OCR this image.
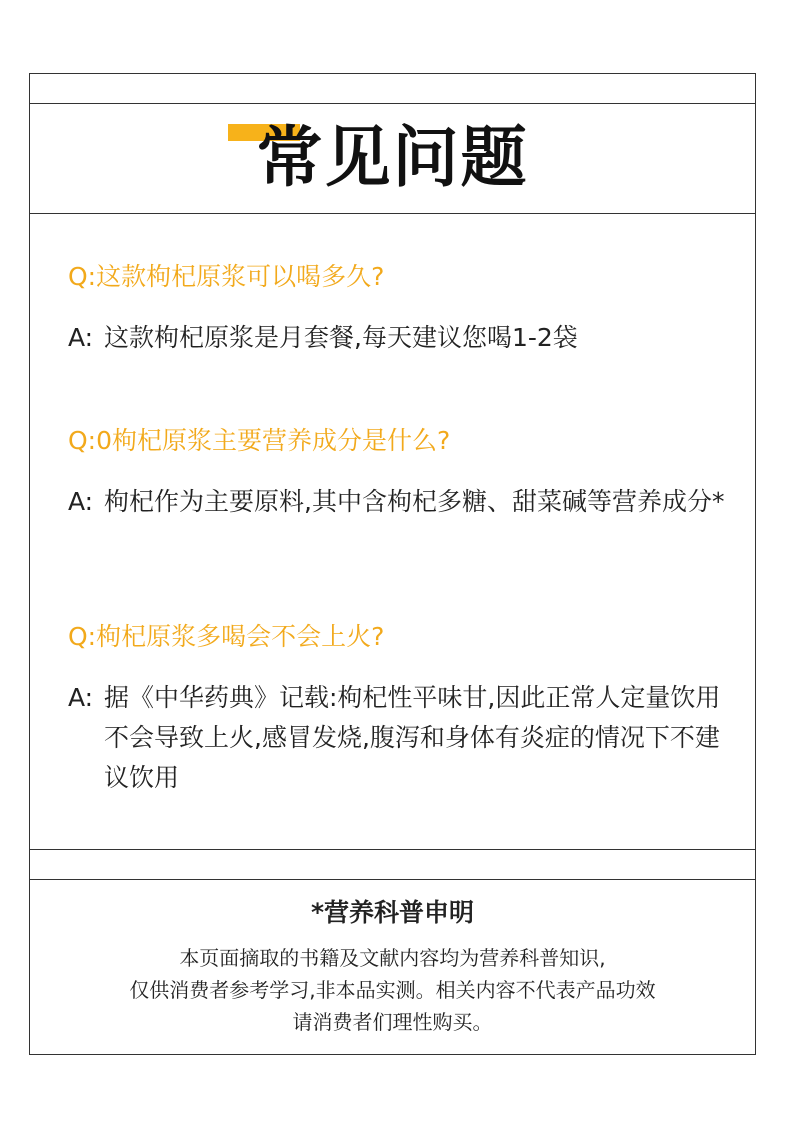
常见问题
Q:这款枸杞原浆可以喝多久?
A: 这款枸杞原浆是月套餐,每天建议您喝1-2袋
Q:0枸杞原浆主要营养成分是什么?
A: 枸杞作为主要原料,其中含枸杞多糖、甜菜碱等营养成分*
Q:枸杞原浆多喝会不会上火?
A: 据《中华药典》记载:枸杞性平味甘,因此正常人定量饮用不会导致上火,感冒发烧,腹泻和身体有炎症的情况下不建议饮用
*营养科普申明
本页面摘取的书籍及文献内容均为营养科普知识,
仅供消费者参考学习,非本品实测。相关内容不代表产品功效
请消费者们理性购买。
